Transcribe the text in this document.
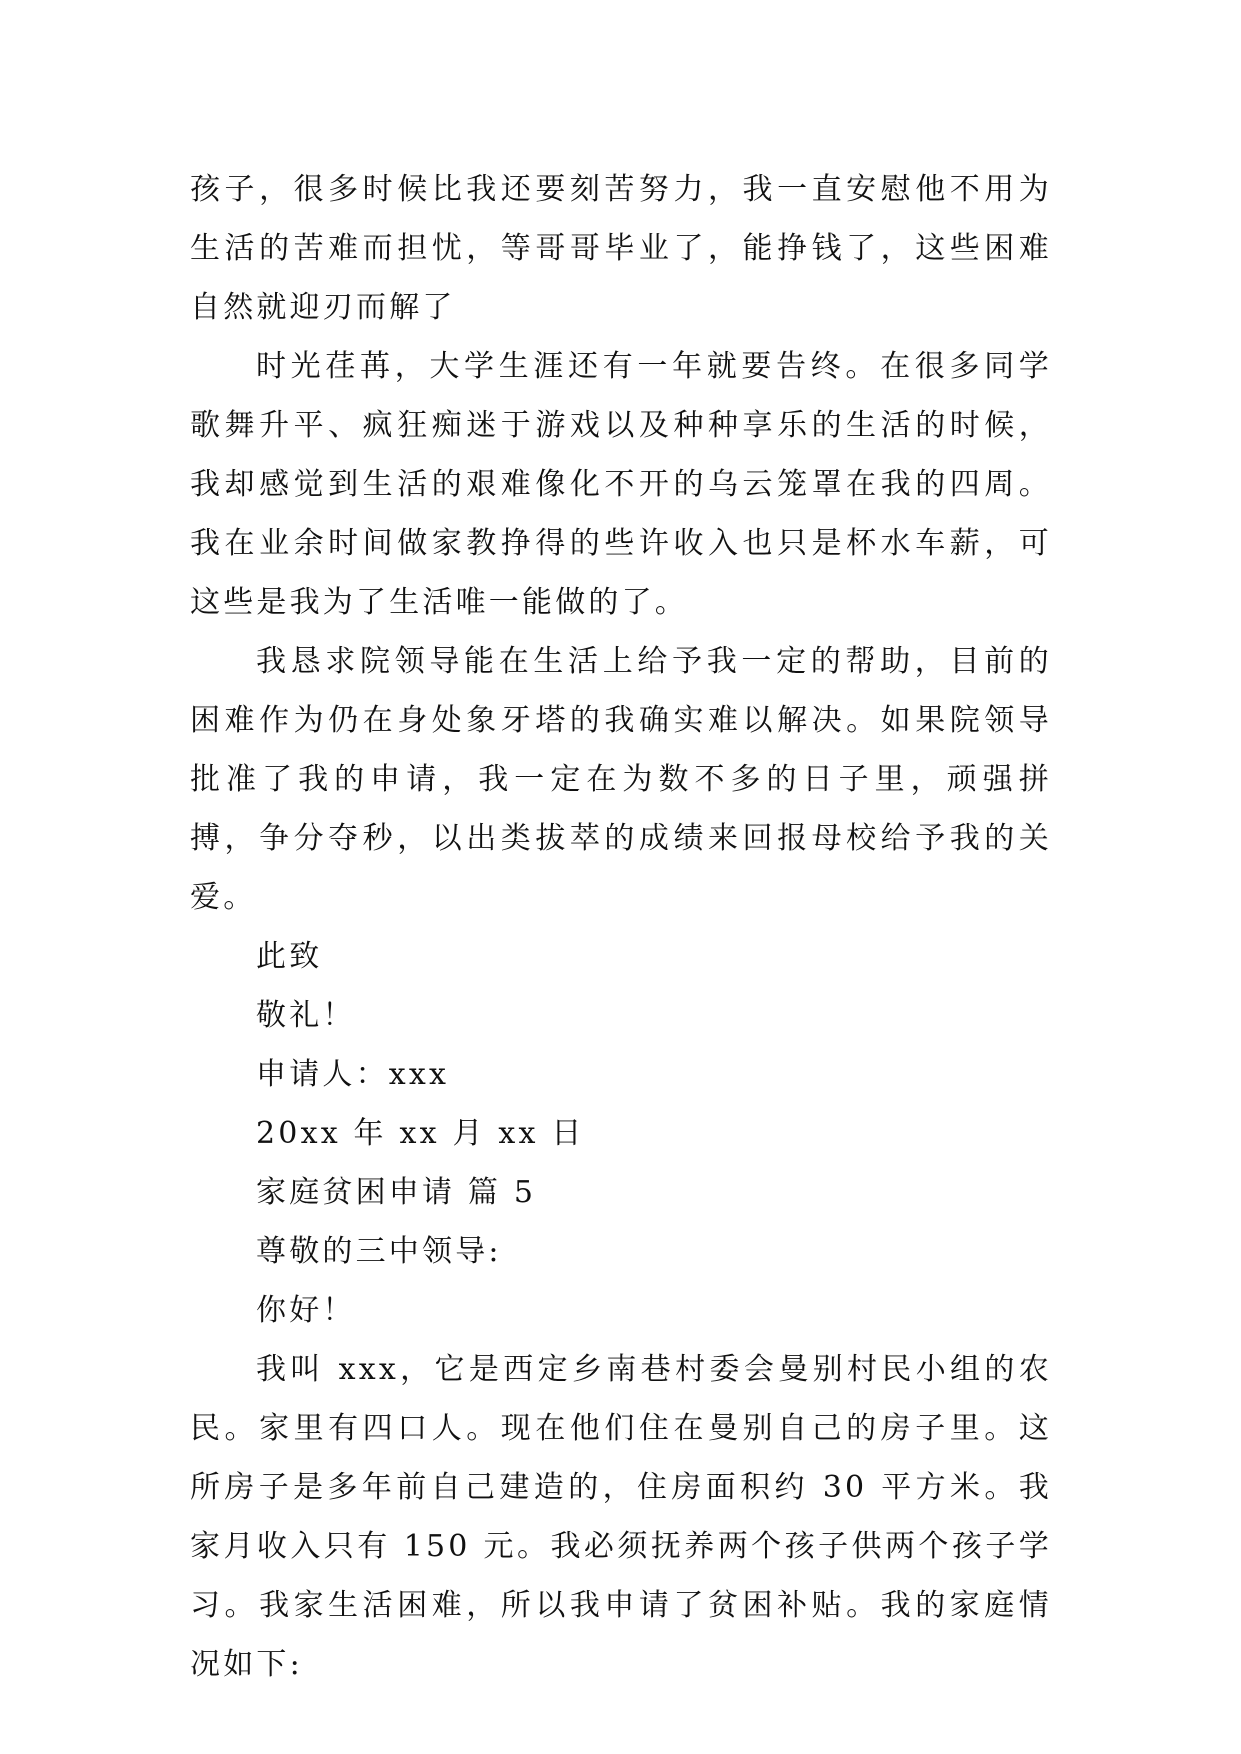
孩子，很多时候比我还要刻苦努力，我一直安慰他不用为生活的苦难而担忧，等哥哥毕业了，能挣钱了，这些困难自然就迎刃而解了

时光荏苒，大学生涯还有一年就要告终。在很多同学歌舞升平、疯狂痴迷于游戏以及种种享乐的生活的时候，我却感觉到生活的艰难像化不开的乌云笼罩在我的四周。我在业余时间做家教挣得的些许收入也只是杯水车薪，可这些是我为了生活唯一能做的了。

我恳求院领导能在生活上给予我一定的帮助，目前的困难作为仍在身处象牙塔的我确实难以解决。如果院领导批准了我的申请，我一定在为数不多的日子里，顽强拼搏，争分夺秒，以出类拔萃的成绩来回报母校给予我的关爱。

此致
敬礼！
申请人：xxx
20xx 年 xx 月 xx 日
家庭贫困申请 篇 5
尊敬的三中领导:
你好！

我叫 xxx，它是西定乡南巷村委会曼别村民小组的农民。家里有四口人。现在他们住在曼别自己的房子里。这所房子是多年前自己建造的，住房面积约 30 平方米。我家月收入只有 150 元。我必须抚养两个孩子供两个孩子学习。我家生活困难，所以我申请了贫困补贴。我的家庭情况如下:
